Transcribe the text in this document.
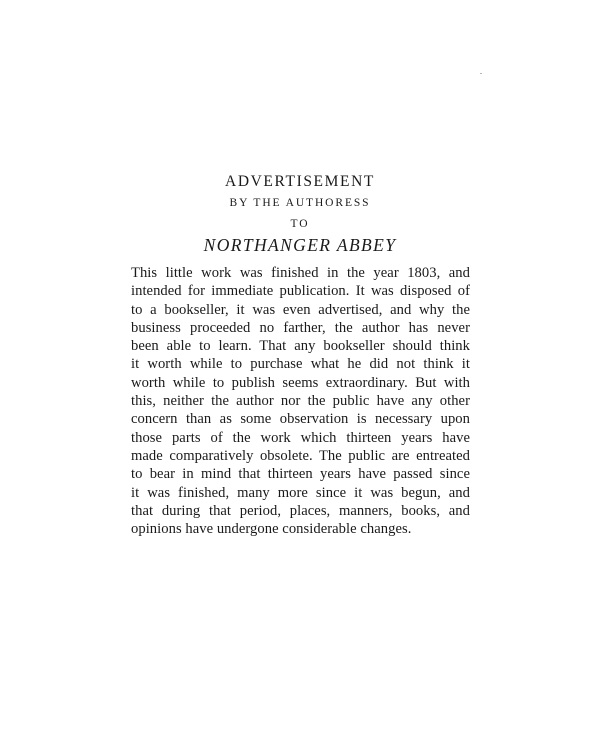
ADVERTISEMENT
BY THE AUTHORESS
TO
NORTHANGER ABBEY

This little work was finished in the year 1803, and
intended for immediate publication. It was disposed of
to a bookseller, it was even advertised, and why the
business proceeded no farther, the author has never
been able to learn. That any bookseller should think
it worth while to purchase what he did not think it
worth while to publish seems extraordinary. But with
this, neither the author nor the public have any other
concern than as some observation is necessary upon
those parts of the work which thirteen years have
made comparatively obsolete. The public are entreated
to bear in mind that thirteen years have passed since
it was finished, many more since it was begun, and
that during that period, places, manners, books, and
opinions have undergone considerable changes.
